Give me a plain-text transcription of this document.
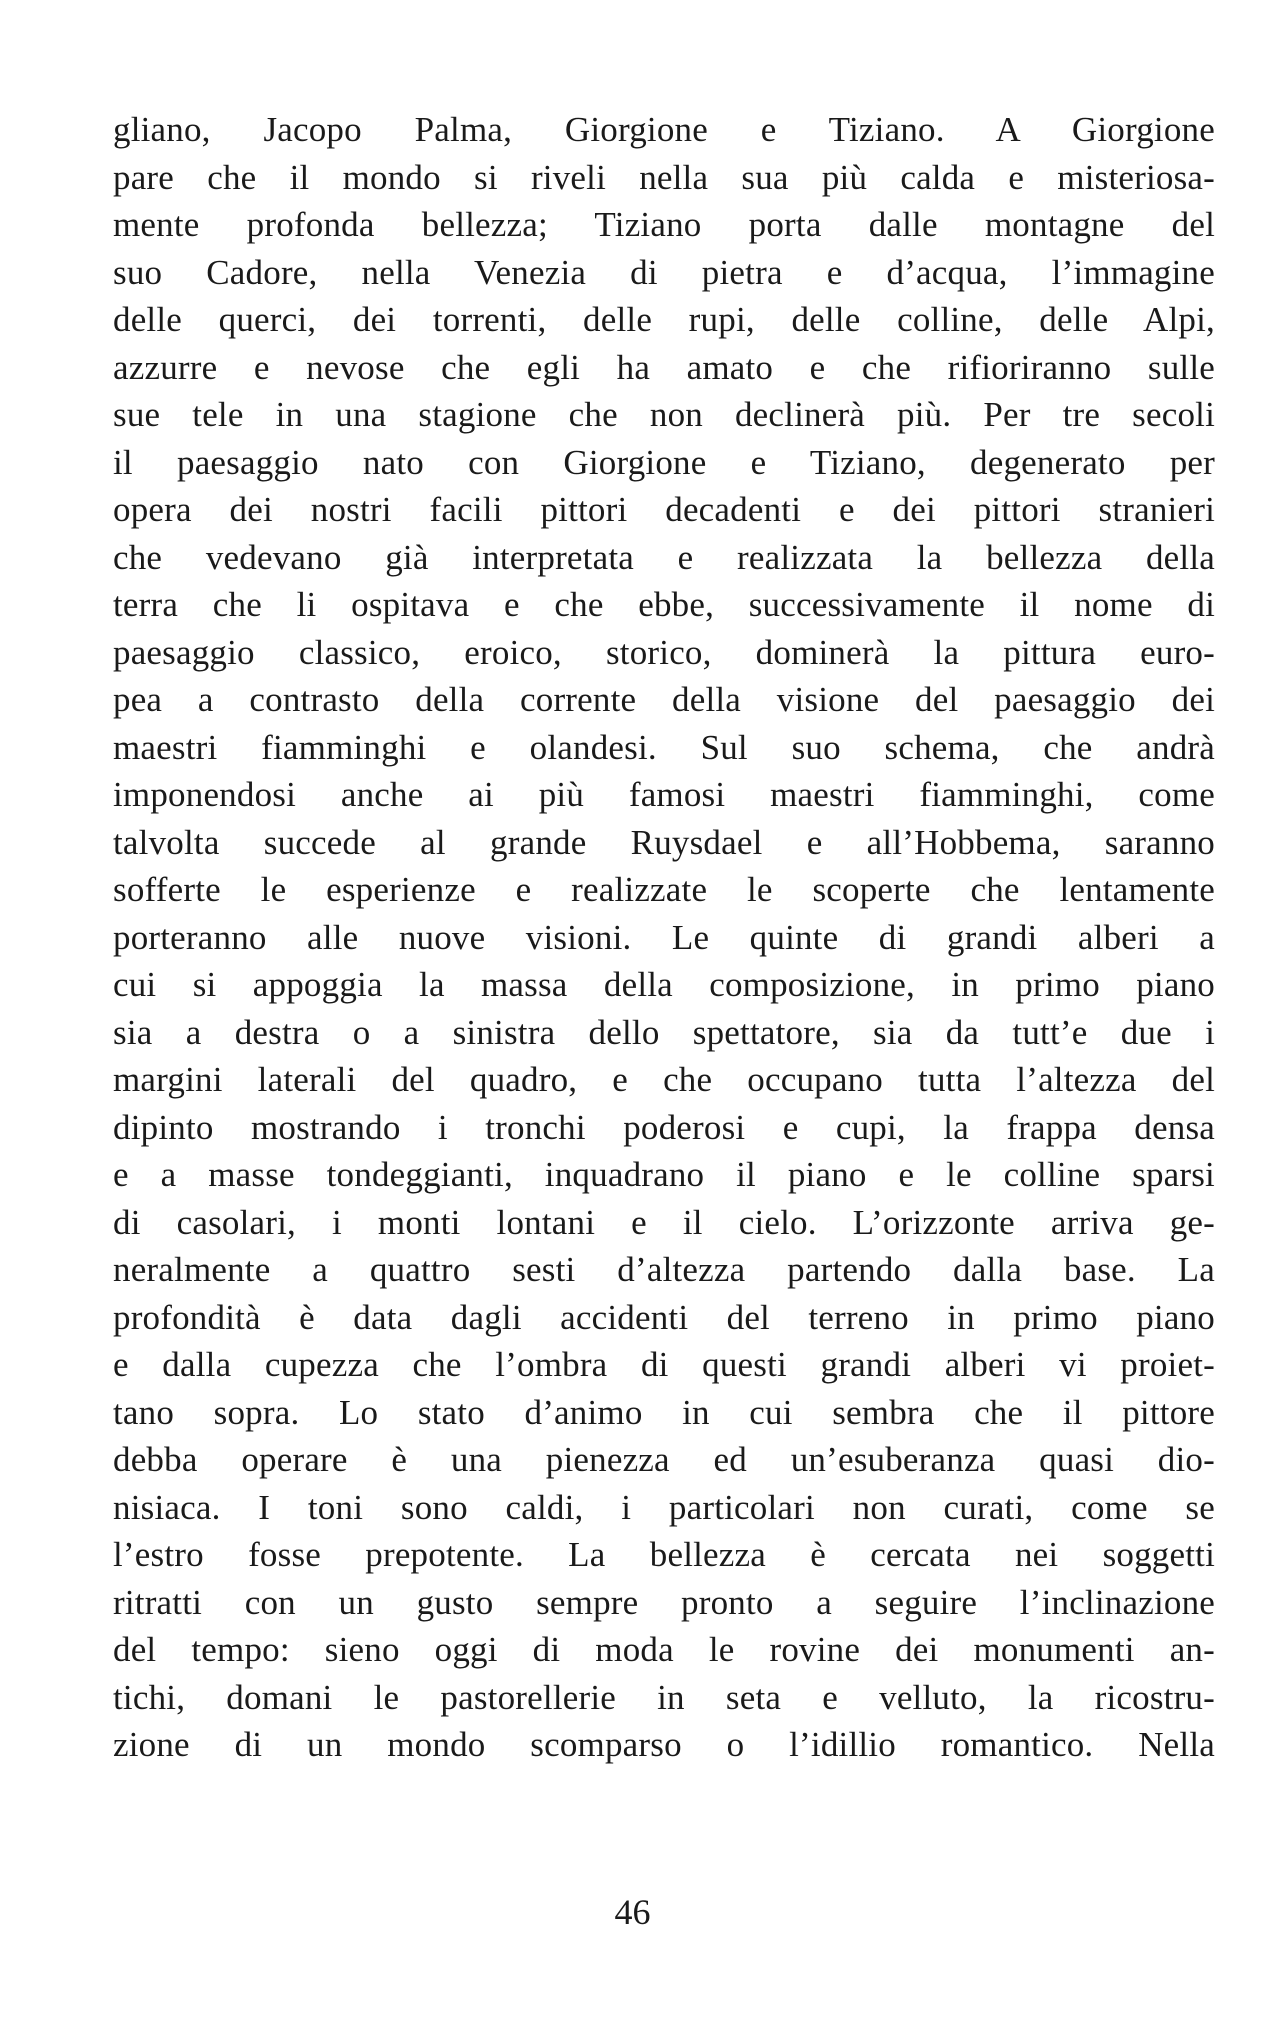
gliano, Jacopo Palma, Giorgione e Tiziano. A Giorgione
pare che il mondo si riveli nella sua più calda e misteriosa-
mente profonda bellezza; Tiziano porta dalle montagne del
suo Cadore, nella Venezia di pietra e d’acqua, l’immagine
delle querci, dei torrenti, delle rupi, delle colline, delle Alpi,
azzurre e nevose che egli ha amato e che rifioriranno sulle
sue tele in una stagione che non declinerà più. Per tre secoli
il paesaggio nato con Giorgione e Tiziano, degenerato per
opera dei nostri facili pittori decadenti e dei pittori stranieri
che vedevano già interpretata e realizzata la bellezza della
terra che li ospitava e che ebbe, successivamente il nome di
paesaggio classico, eroico, storico, dominerà la pittura euro-
pea a contrasto della corrente della visione del paesaggio dei
maestri fiamminghi e olandesi. Sul suo schema, che andrà
imponendosi anche ai più famosi maestri fiamminghi, come
talvolta succede al grande Ruysdael e all’Hobbema, saranno
sofferte le esperienze e realizzate le scoperte che lentamente
porteranno alle nuove visioni. Le quinte di grandi alberi a
cui si appoggia la massa della composizione, in primo piano
sia a destra o a sinistra dello spettatore, sia da tutt’e due i
margini laterali del quadro, e che occupano tutta l’altezza del
dipinto mostrando i tronchi poderosi e cupi, la frappa densa
e a masse tondeggianti, inquadrano il piano e le colline sparsi
di casolari, i monti lontani e il cielo. L’orizzonte arriva ge-
neralmente a quattro sesti d’altezza partendo dalla base. La
profondità è data dagli accidenti del terreno in primo piano
e dalla cupezza che l’ombra di questi grandi alberi vi proiet-
tano sopra. Lo stato d’animo in cui sembra che il pittore
debba operare è una pienezza ed un’esuberanza quasi dio-
nisiaca. I toni sono caldi, i particolari non curati, come se
l’estro fosse prepotente. La bellezza è cercata nei soggetti
ritratti con un gusto sempre pronto a seguire l’inclinazione
del tempo: sieno oggi di moda le rovine dei monumenti an-
tichi, domani le pastorellerie in seta e velluto, la ricostru-
zione di un mondo scomparso o l’idillio romantico. Nella
46
